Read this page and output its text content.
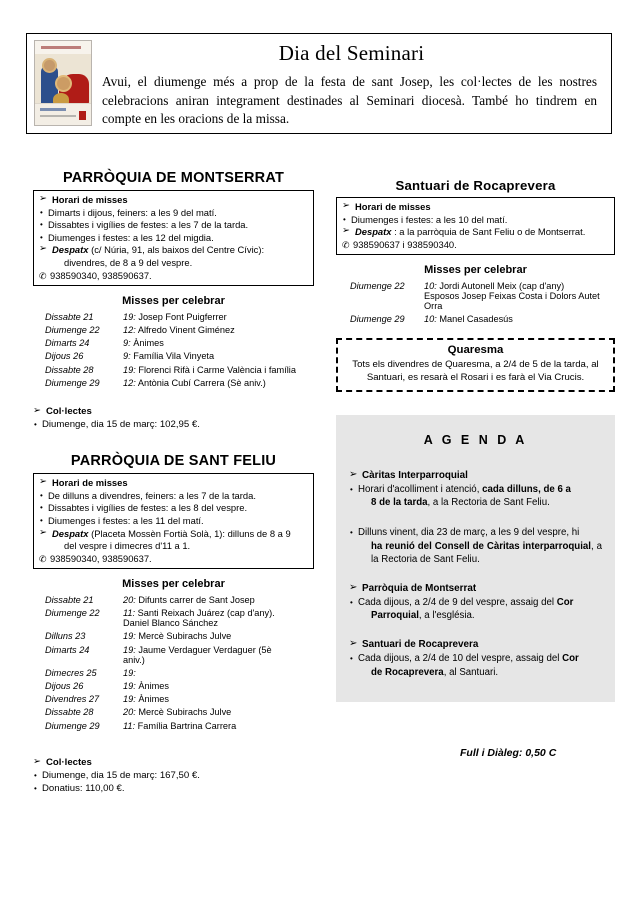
Dia del Seminari
Avui, el diumenge més a prop de la festa de sant Josep, les col·lectes de les nostres celebracions aniran integrament destinades al Seminari diocesà. També ho tindrem en compte en les oracions de la missa.
PARRÒQUIA DE MONTSERRAT
➢ Horari de misses
• Dimarts i dijous, feiners: a les 9 del matí.
• Dissabtes i vigílies de festes: a les 7 de la tarda.
• Diumenges i festes: a les 12 del migdia.
➢ Despatx (c/ Núria, 91, als baixos del Centre Cívic):
divendres, de 8 a 9 del vespre.
✆ 938590340, 938590637.
Misses per celebrar
Dissabte 21	19: Josep Font Puigferrer
Diumenge 22	12: Alfredo Vinent Giménez
Dimarts 24	9: Ànimes
Dijous 26	9: Família Vila Vinyeta
Dissabte 28	19: Florenci Rifà i Carme València i família
Diumenge 29	12: Antònia Cubí Carrera (Sè aniv.)
➢ Col·lectes
• Diumenge, dia 15 de març: 102,95 €.
PARRÒQUIA DE SANT FELIU
➢ Horari de misses
• De dilluns a divendres, feiners: a les 7 de la tarda.
• Dissabtes i vigílies de festes: a les 8 del vespre.
• Diumenges i festes: a les 11 del matí.
➢ Despatx (Placeta Mossèn Fortià Solà, 1): dilluns de 8 a 9
del vespre i dimecres d'11 a 1.
✆ 938590340, 938590637.
Misses per celebrar
Dissabte 21	20: Difunts carrer de Sant Josep
Diumenge 22	11: Santi Reixach Juárez (cap d'any).
Daniel Blanco Sánchez

Dilluns 23	19: Mercè Subirachs Julve
Dimarts 24	19: Jaume Verdaguer Verdaguer (5è
aniv.)

Dimecres 25	19:
Dijous 26	19: Ànimes
Divendres 27	19: Ànimes
Dissabte 28	20: Mercè Subirachs Julve
Diumenge 29	11: Família Bartrina Carrera
➢ Col·lectes
• Diumenge, dia 15 de març: 167,50 €.
• Donatius: 110,00 €.
Santuari de Rocaprevera
➢ Horari de misses
• Diumenges i festes: a les 10 del matí.
➢ Despatx : a la parròquia de Sant Feliu o de Montserrat.
✆ 938590637 i 938590340.
Misses per celebrar
Diumenge 22	10: Jordi Autonell Meix (cap d'any)
Esposos Josep Feixas Costa i Dolors Autet Orra

Diumenge 29	10: Manel Casadesús
Quaresma
Tots els divendres de Quaresma, a 2/4 de 5 de la tarda, al Santuari, es resarà el Rosari i es farà el Via Crucis.
A G E N D A
➢ Càritas Interparroquial
• Horari d'acolliment i atenció, cada dilluns, de 6 a
8 de la tarda, a la Rectoria de Sant Feliu.
• Dilluns vinent, dia 23 de març, a les 9 del vespre, hi
ha reunió del Consell de Càritas interparroquial, a la Rectoria de Sant Feliu.
➢ Parròquia de Montserrat
• Cada dijous, a 2/4 de 9 del vespre, assaig del Cor
Parroquial, a l'església.
➢ Santuari de Rocaprevera
• Cada dijous, a 2/4 de 10 del vespre, assaig del Cor
de Rocaprevera, al Santuari.
Full i Diàleg: 0,50 C
